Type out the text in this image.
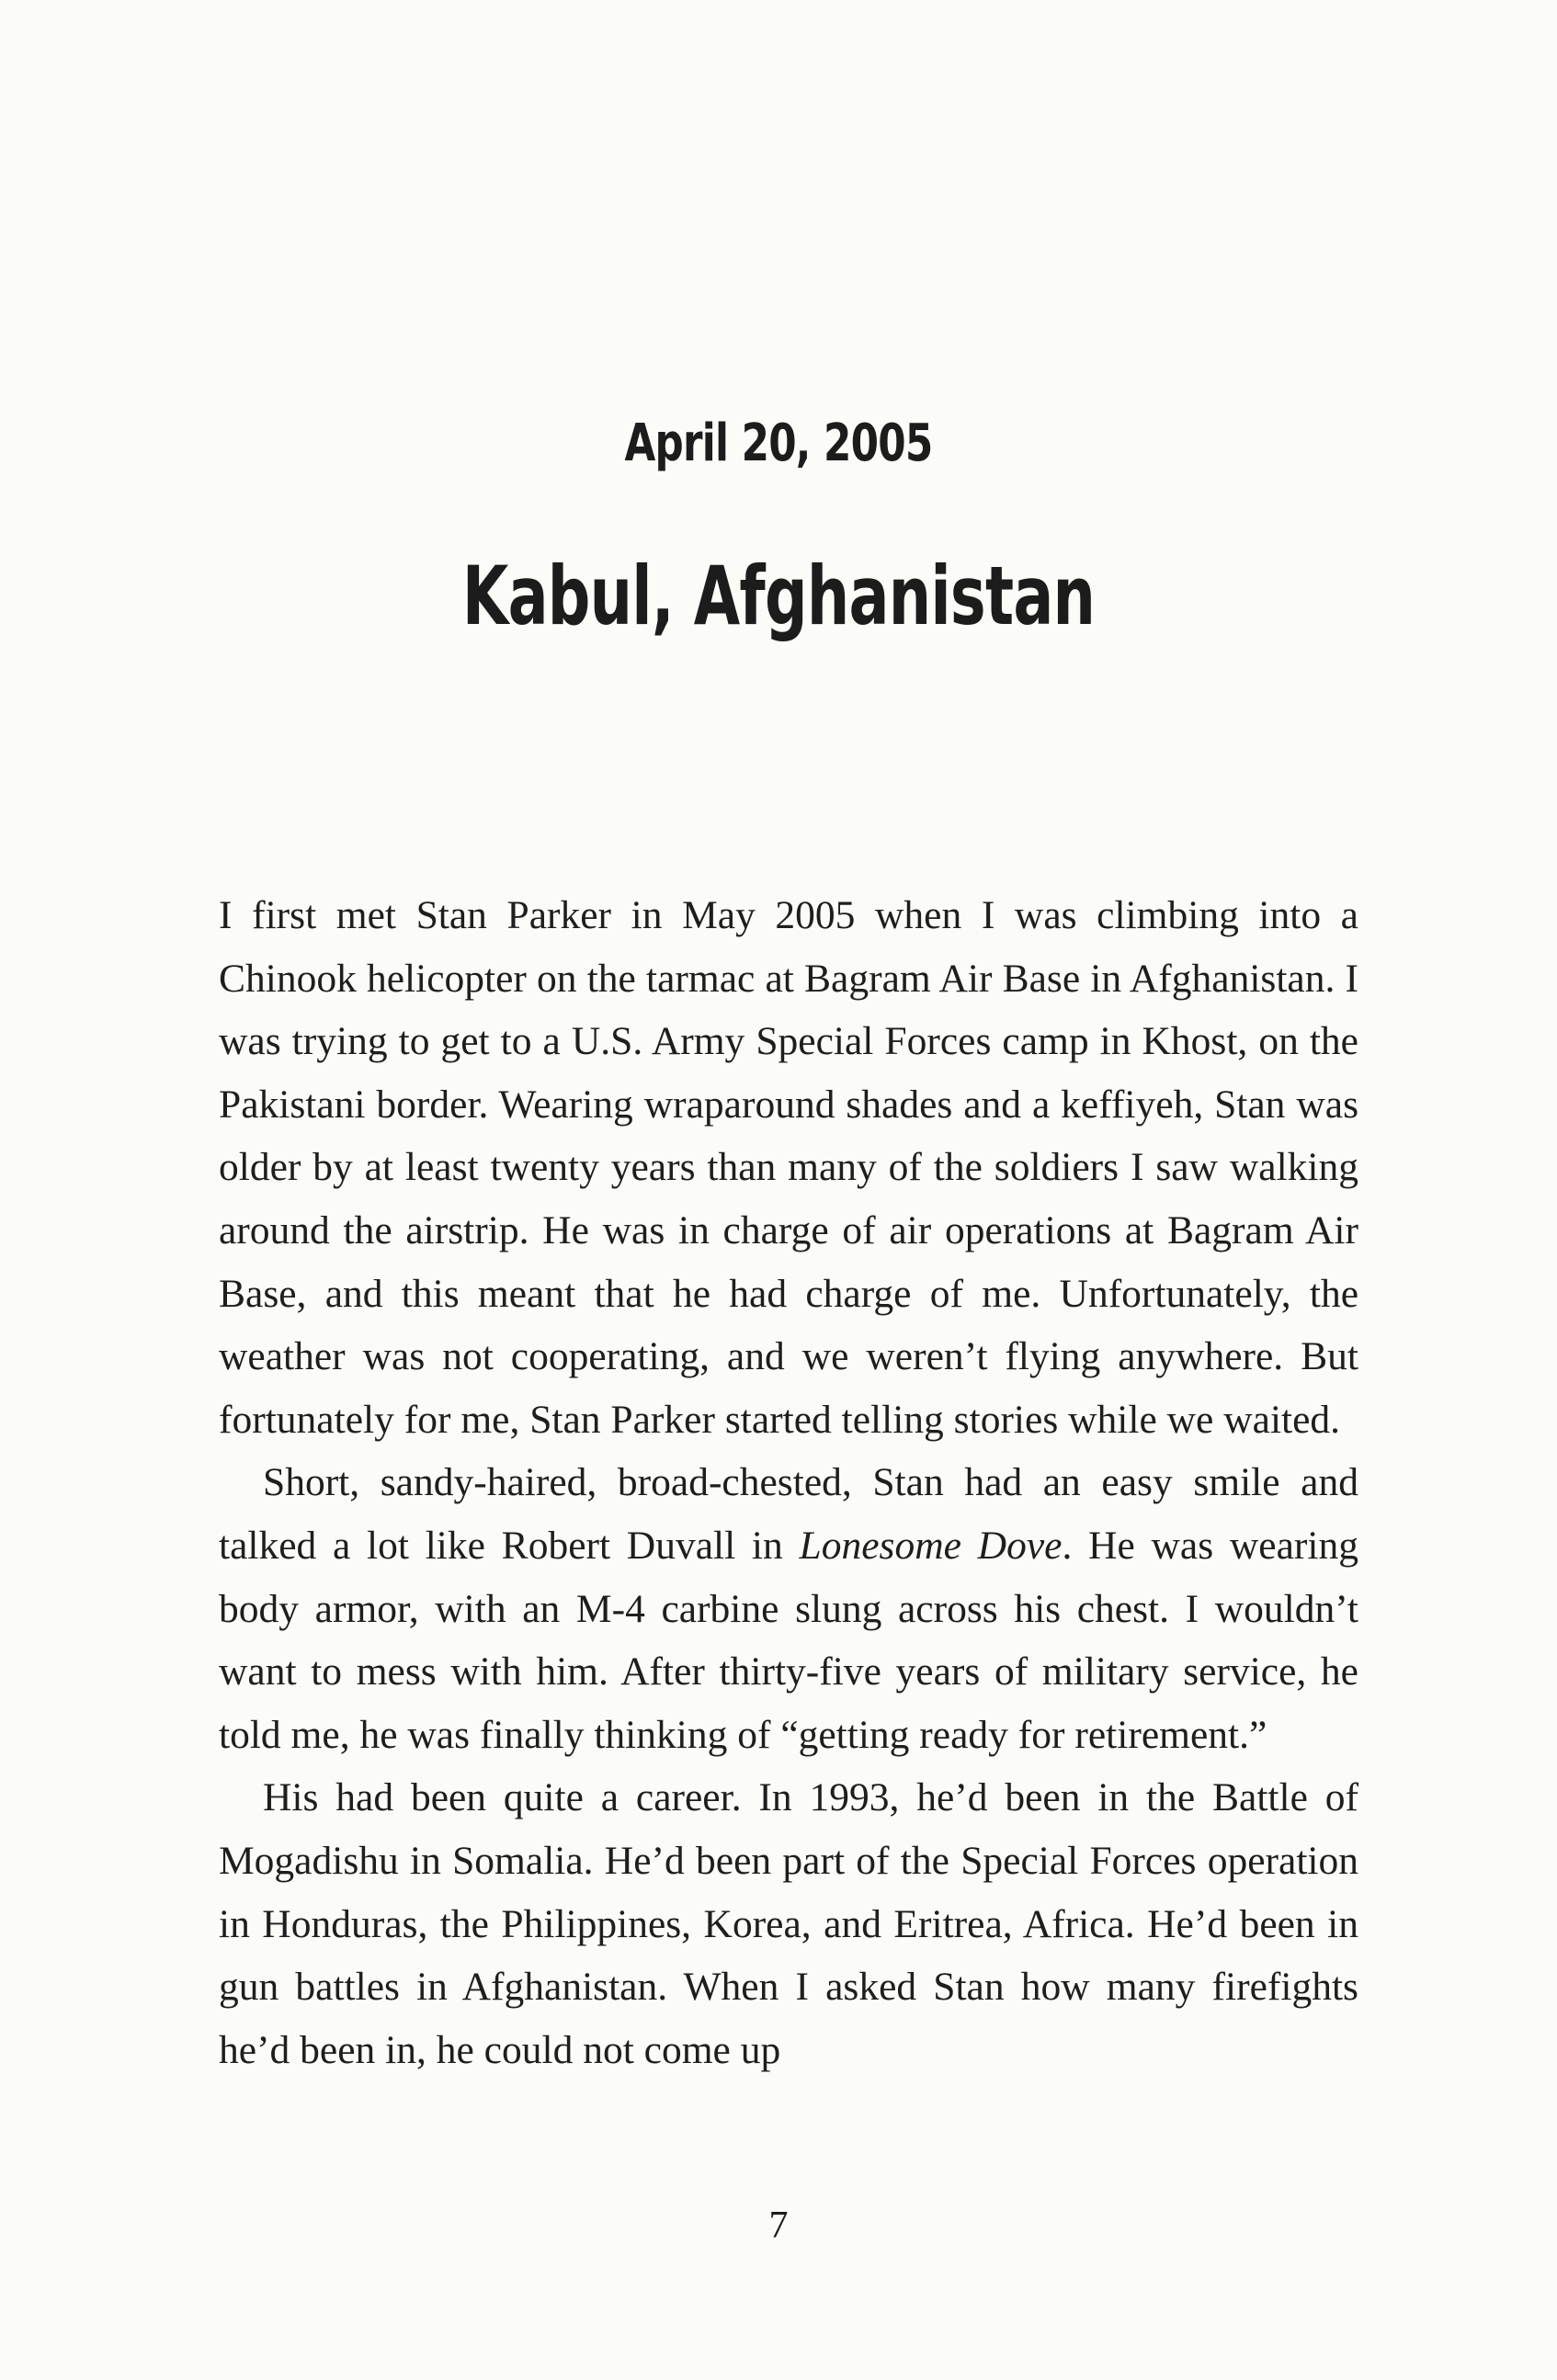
April 20, 2005
Kabul, Afghanistan

I first met Stan Parker in May 2005 when I was climbing into a Chinook helicopter on the tarmac at Bagram Air Base in Afghanistan. I was trying to get to a U.S. Army Special Forces camp in Khost, on the Pakistani border. Wearing wraparound shades and a keffiyeh, Stan was older by at least twenty years than many of the soldiers I saw walking around the airstrip. He was in charge of air operations at Bagram Air Base, and this meant that he had charge of me. Unfortunately, the weather was not cooperating, and we weren’t flying anywhere. But fortunately for me, Stan Parker started telling stories while we waited.

Short, sandy-haired, broad-chested, Stan had an easy smile and talked a lot like Robert Duvall in Lonesome Dove. He was wearing body armor, with an M-4 carbine slung across his chest. I wouldn’t want to mess with him. After thirty-five years of military service, he told me, he was finally thinking of “getting ready for retirement.”

His had been quite a career. In 1993, he’d been in the Battle of Mogadishu in Somalia. He’d been part of the Special Forces operation in Honduras, the Philippines, Korea, and Eritrea, Africa. He’d been in gun battles in Afghanistan. When I asked Stan how many firefights he’d been in, he could not come up

7
